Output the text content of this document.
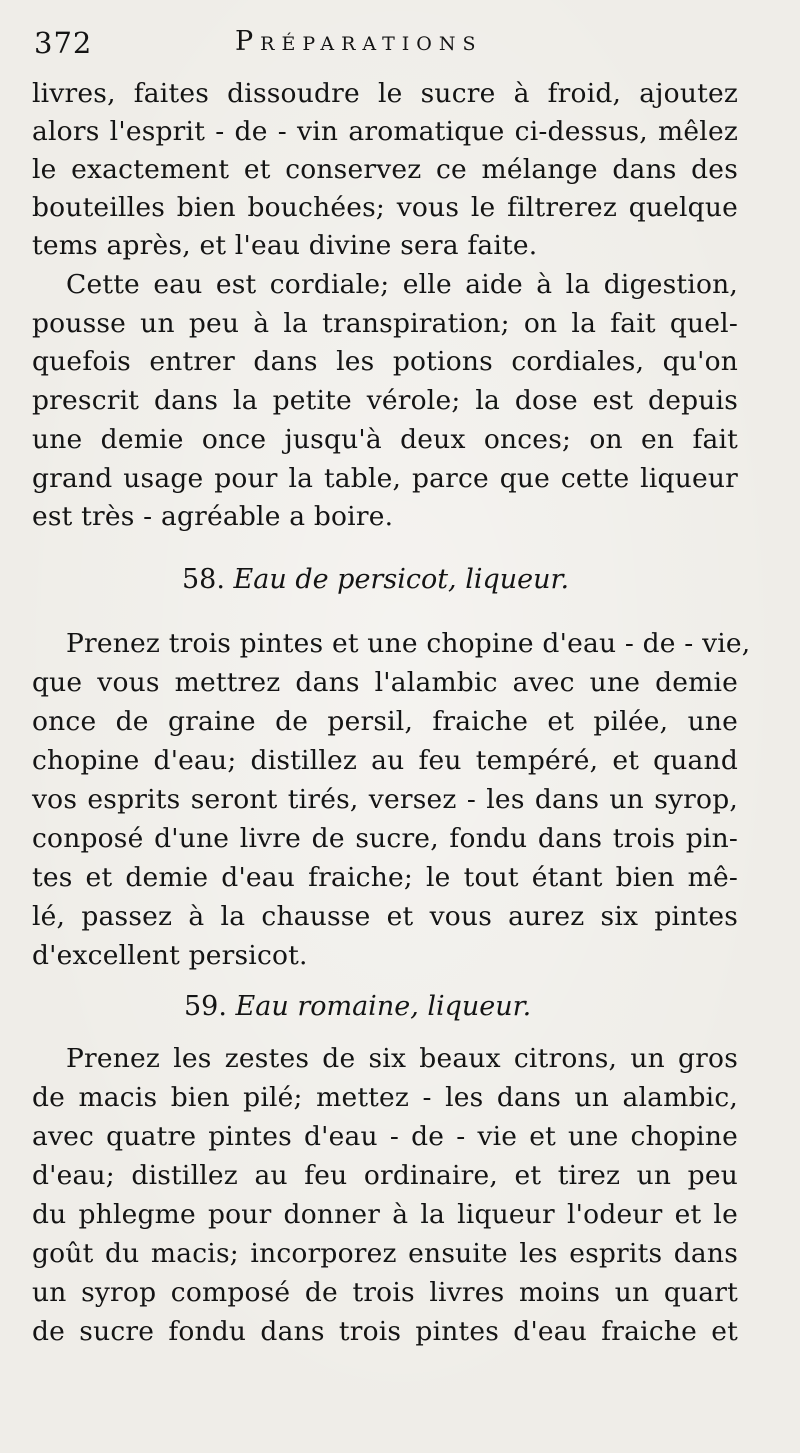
372	Préparations
livres, faites dissoudre le sucre à froid, ajoutez
alors l'esprit - de - vin aromatique ci-dessus, mêlez
le exactement et conservez ce mélange dans des
bouteilles bien bouchées; vous le filtrerez quelque
tems après, et l'eau divine sera faite.
Cette eau est cordiale; elle aide à la digestion,
pousse un peu à la transpiration; on la fait quel-
quefois entrer dans les potions cordiales, qu'on
prescrit dans la petite vérole; la dose est depuis
une demie once jusqu'à deux onces; on en fait
grand usage pour la table, parce que cette liqueur
est très - agréable a boire.
58. Eau de persicot, liqueur.
Prenez trois pintes et une chopine d'eau - de - vie,
que vous mettrez dans l'alambic avec une demie
once de graine de persil, fraiche et pilée, une
chopine d'eau; distillez au feu tempéré, et quand
vos esprits seront tirés, versez - les dans un syrop,
conposé d'une livre de sucre, fondu dans trois pin-
tes et demie d'eau fraiche; le tout étant bien mê-
lé, passez à la chausse et vous aurez six pintes
d'excellent persicot.
59. Eau romaine, liqueur.
Prenez les zestes de six beaux citrons, un gros
de macis bien pilé; mettez - les dans un alambic,
avec quatre pintes d'eau - de - vie et une chopine
d'eau; distillez au feu ordinaire, et tirez un peu
du phlegme pour donner à la liqueur l'odeur et le
goût du macis; incorporez ensuite les esprits dans
un syrop composé de trois livres moins un quart
de sucre fondu dans trois pintes d'eau fraiche et
